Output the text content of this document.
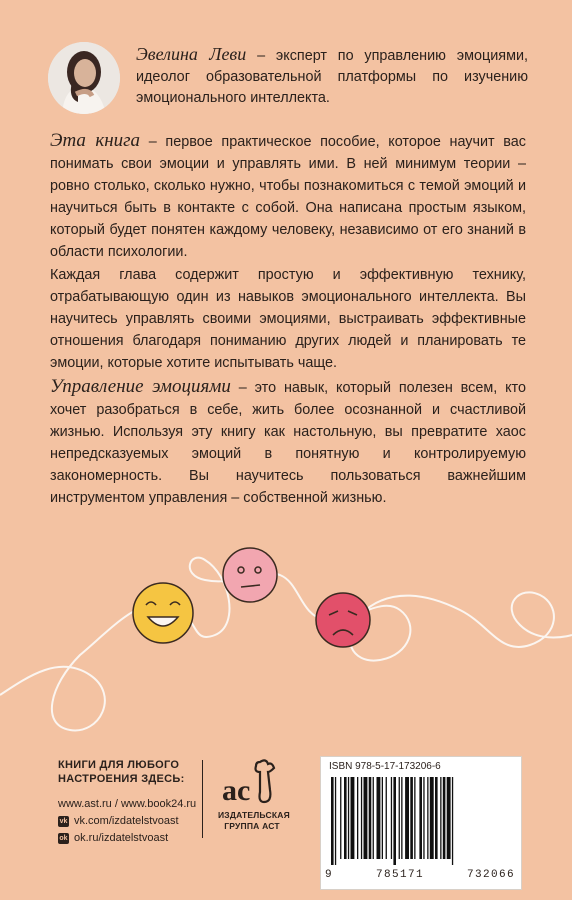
Эвелина Леви – эксперт по управлению эмоциями, идеолог образовательной платформы по изучению эмоционального интеллекта.
Эта книга – первое практическое пособие, которое научит вас понимать свои эмоции и управлять ими. В ней минимум теории – ровно столько, сколько нужно, чтобы познакомиться с темой эмоций и научиться быть в контакте с собой. Она написана простым языком, который будет понятен каждому человеку, независимо от его знаний в области психологии.
Каждая глава содержит простую и эффективную технику, отрабатывающую один из навыков эмоционального интеллекта. Вы научитесь управлять своими эмоциями, выстраивать эффективные отношения благодаря пониманию других людей и планировать те эмоции, которые хотите испытывать чаще.
Управление эмоциями – это навык, который полезен всем, кто хочет разобраться в себе, жить более осознанной и счастливой жизнью. Используя эту книгу как настольную, вы превратите хаос непредсказуемых эмоций в понятную и контролируемую закономерность. Вы научитесь пользоваться важнейшим инструментом управления – собственной жизнью.
КНИГИ ДЛЯ ЛЮБОГО
НАСТРОЕНИЯ ЗДЕСЬ:
www.ast.ru / www.book24.ru
vk vk.com/izdatelstvoast
ok ok.ru/izdatelstvoast
ac
ИЗДАТЕЛЬСКАЯ
ГРУППА АСТ
ISBN 978-5-17-173206-6
9	785171	732066
